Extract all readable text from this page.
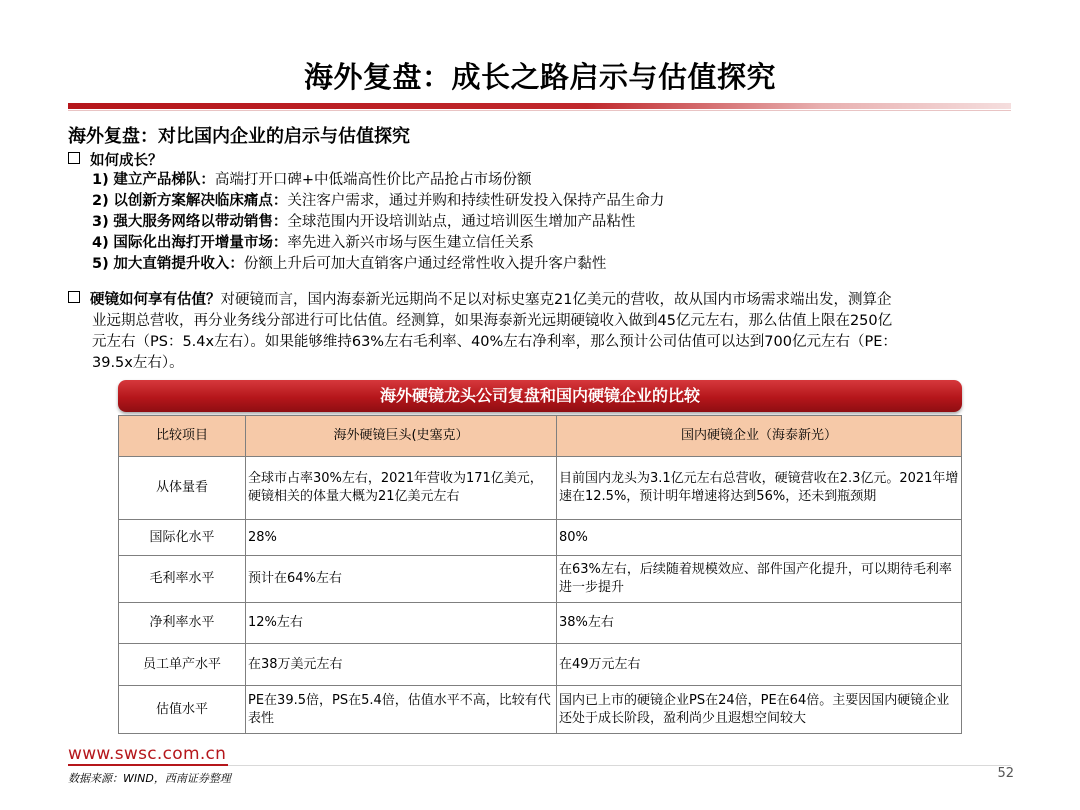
海外复盘：成长之路启示与估值探究
海外复盘：对比国内企业的启示与估值探究
如何成长？
1) 建立产品梯队：高端打开口碑+中低端高性价比产品抢占市场份额
2) 以创新方案解决临床痛点：关注客户需求，通过并购和持续性研发投入保持产品生命力
3) 强大服务网络以带动销售：全球范围内开设培训站点，通过培训医生增加产品粘性
4) 国际化出海打开增量市场：率先进入新兴市场与医生建立信任关系
5) 加大直销提升收入：份额上升后可加大直销客户通过经常性收入提升客户黏性
硬镜如何享有估值？对硬镜而言，国内海泰新光远期尚不足以对标史塞克21亿美元的营收，故从国内市场需求端出发，测算企
业远期总营收，再分业务线分部进行可比估值。经测算，如果海泰新光远期硬镜收入做到45亿元左右，那么估值上限在250亿
元左右（PS：5.4x左右）。如果能够维持63%左右毛利率、40%左右净利率，那么预计公司估值可以达到700亿元左右（PE：
39.5x左右）。
海外硬镜龙头公司复盘和国内硬镜企业的比较
比较项目	海外硬镜巨头(史塞克）	国内硬镜企业（海泰新光）
从体量看	全球市占率30%左右，2021年营收为171亿美元，硬镜相关的体量大概为21亿美元左右	目前国内龙头为3.1亿元左右总营收，硬镜营收在2.3亿元。2021年增速在12.5%，预计明年增速将达到56%，还未到瓶颈期
国际化水平	28%	80%
毛利率水平	预计在64%左右	在63%左右，后续随着规模效应、部件国产化提升，可以期待毛利率进一步提升
净利率水平	12%左右	38%左右
员工单产水平	在38万美元左右	在49万元左右
估值水平	PE在39.5倍，PS在5.4倍，估值水平不高，比较有代表性	国内已上市的硬镜企业PS在24倍，PE在64倍。主要因国内硬镜企业还处于成长阶段，盈利尚少且遐想空间较大
www.swsc.com.cn
数据来源：WIND，西南证券整理	52
